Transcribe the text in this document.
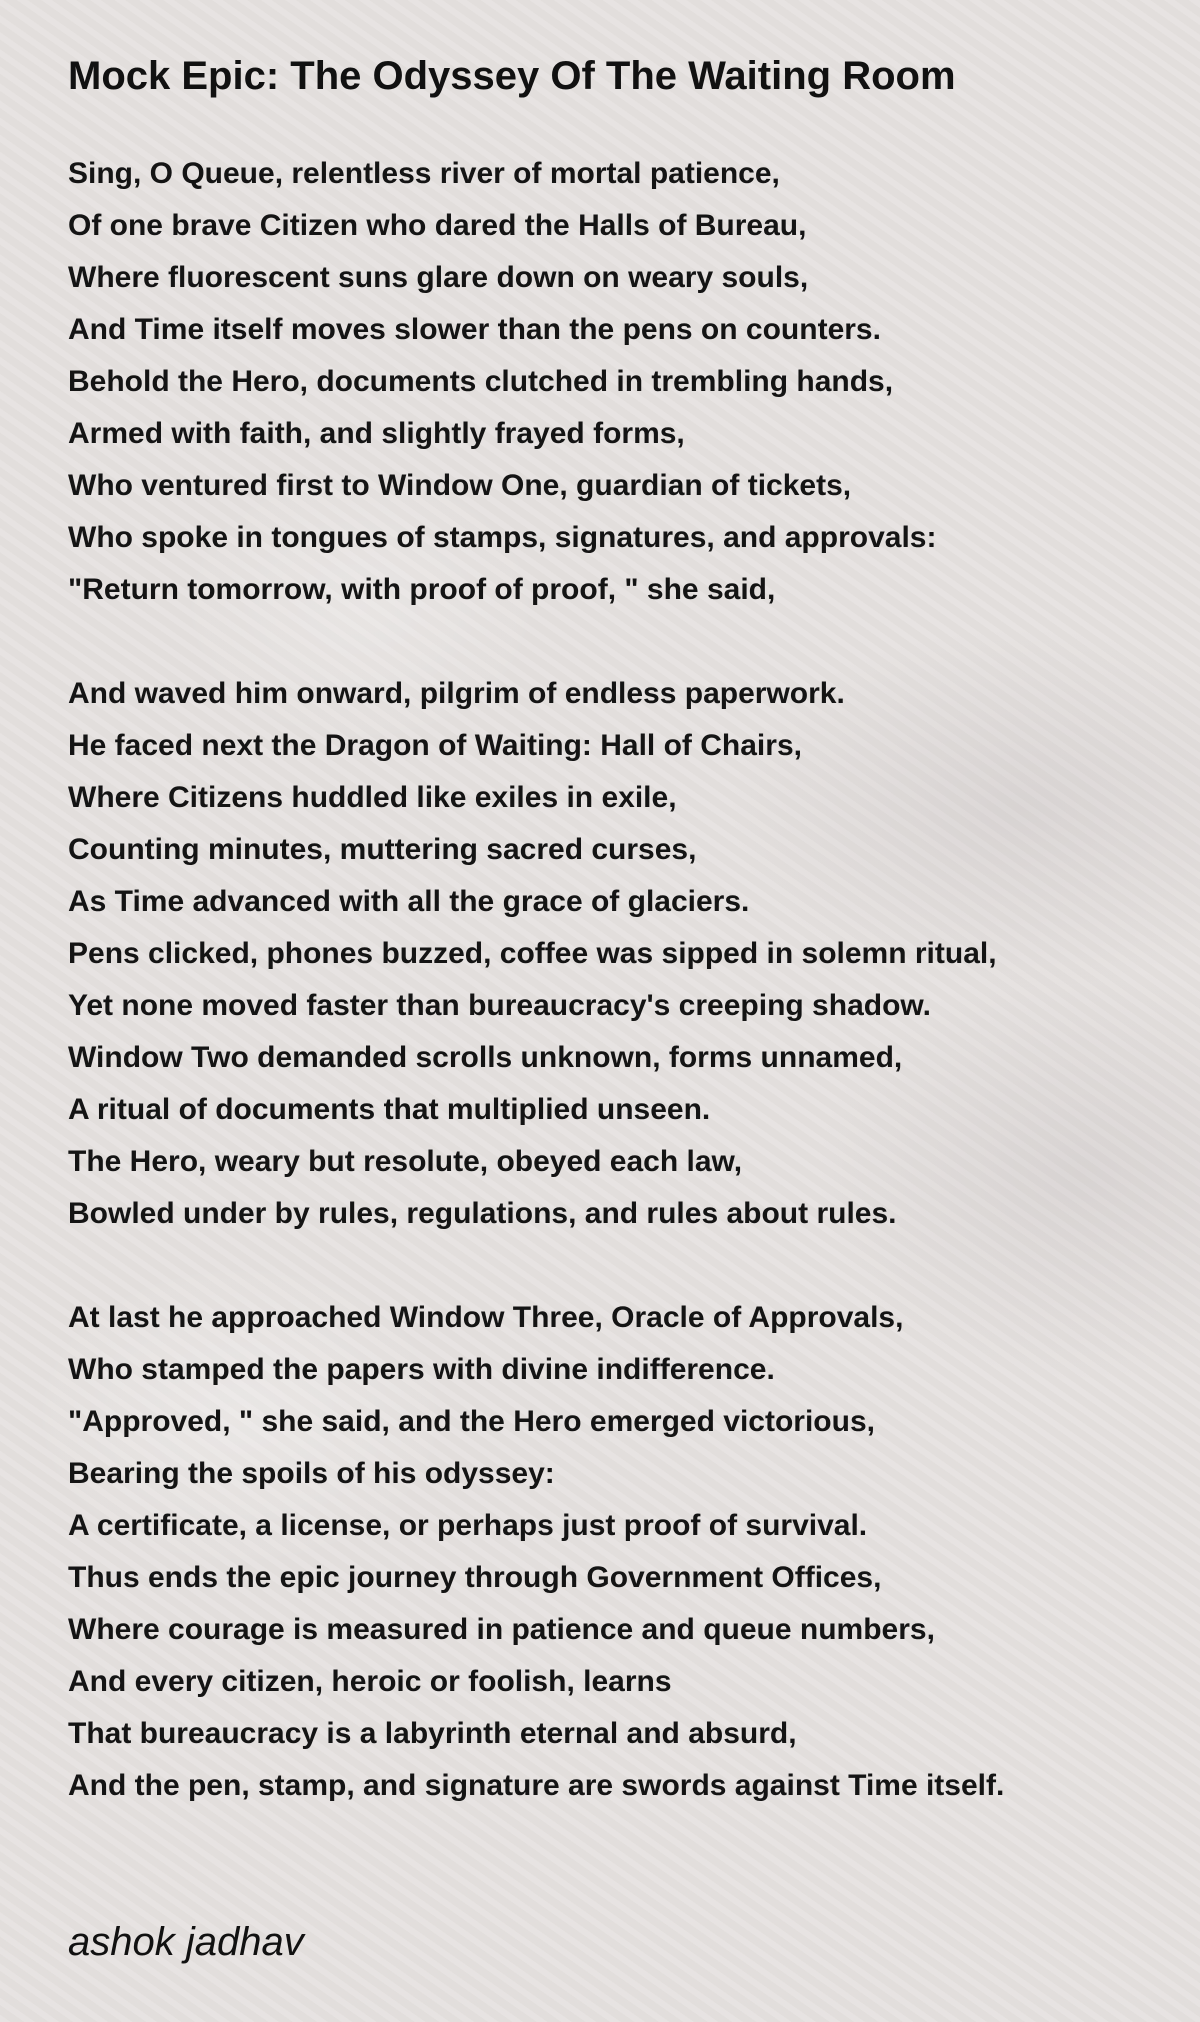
Mock Epic: The Odyssey Of The Waiting Room
Sing, O Queue, relentless river of mortal patience,
Of one brave Citizen who dared the Halls of Bureau,
Where fluorescent suns glare down on weary souls,
And Time itself moves slower than the pens on counters.
Behold the Hero, documents clutched in trembling hands,
Armed with faith, and slightly frayed forms,
Who ventured first to Window One, guardian of tickets,
Who spoke in tongues of stamps, signatures, and approvals:
"Return tomorrow, with proof of proof, " she said,
And waved him onward, pilgrim of endless paperwork.
He faced next the Dragon of Waiting: Hall of Chairs,
Where Citizens huddled like exiles in exile,
Counting minutes, muttering sacred curses,
As Time advanced with all the grace of glaciers.
Pens clicked, phones buzzed, coffee was sipped in solemn ritual,
Yet none moved faster than bureaucracy's creeping shadow.
Window Two demanded scrolls unknown, forms unnamed,
A ritual of documents that multiplied unseen.
The Hero, weary but resolute, obeyed each law,
Bowled under by rules, regulations, and rules about rules.
At last he approached Window Three, Oracle of Approvals,
Who stamped the papers with divine indifference.
"Approved, " she said, and the Hero emerged victorious,
Bearing the spoils of his odyssey:
A certificate, a license, or perhaps just proof of survival.
Thus ends the epic journey through Government Offices,
Where courage is measured in patience and queue numbers,
And every citizen, heroic or foolish, learns
That bureaucracy is a labyrinth eternal and absurd,
And the pen, stamp, and signature are swords against Time itself.

ashok jadhav
